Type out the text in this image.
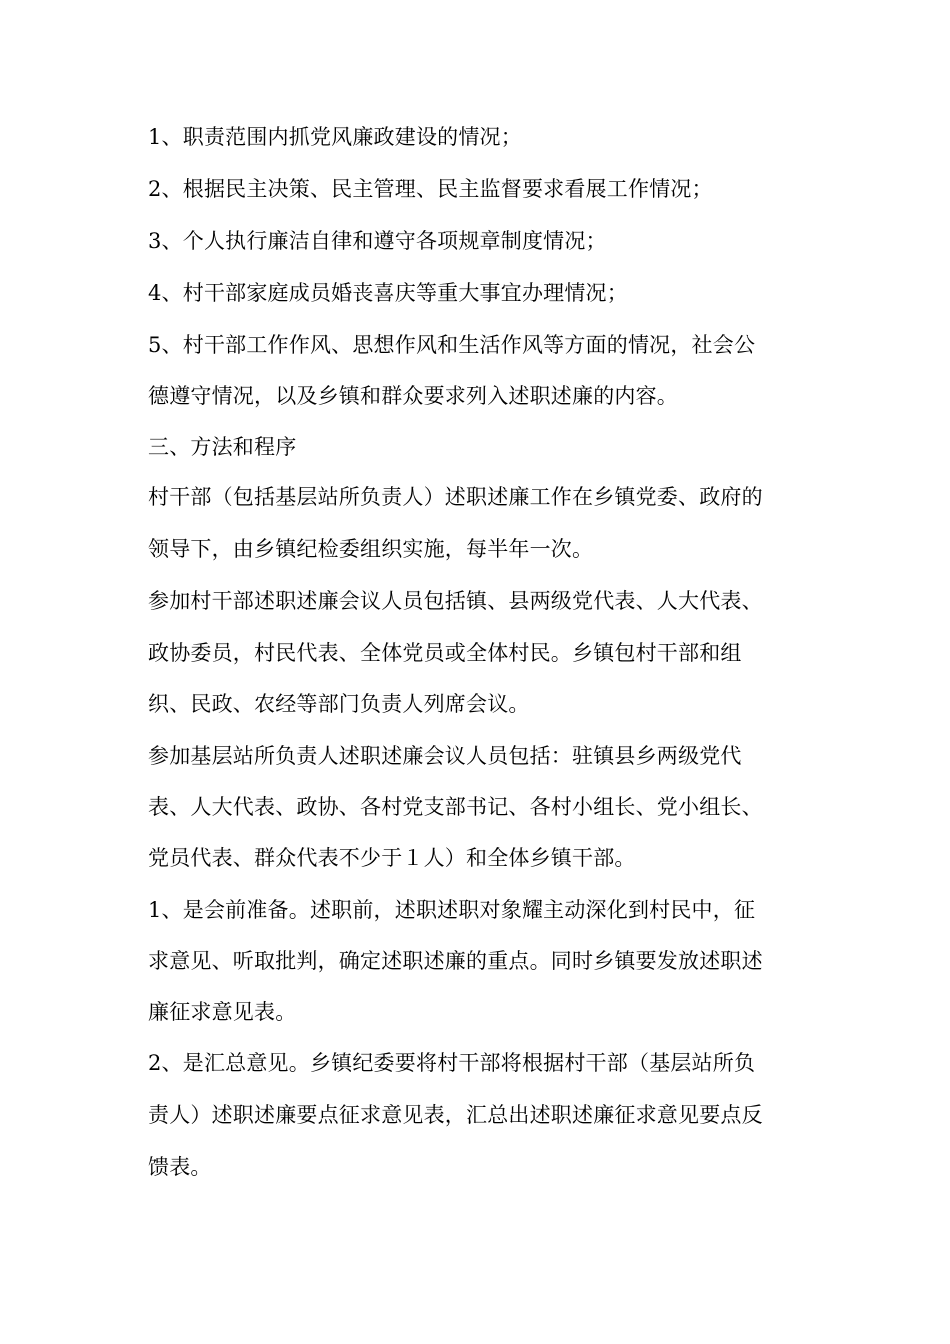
1、职责范围内抓党风廉政建设的情况；
2、根据民主决策、民主管理、民主监督要求看展工作情况；
3、个人执行廉洁自律和遵守各项规章制度情况；
4、村干部家庭成员婚丧喜庆等重大事宜办理情况；
5、村干部工作作风、思想作风和生活作风等方面的情况，社会公
德遵守情况，以及乡镇和群众要求列入述职述廉的内容。
三、方法和程序
村干部（包括基层站所负责人）述职述廉工作在乡镇党委、政府的
领导下，由乡镇纪检委组织实施，每半年一次。
参加村干部述职述廉会议人员包括镇、县两级党代表、人大代表、
政协委员，村民代表、全体党员或全体村民。乡镇包村干部和组
织、民政、农经等部门负责人列席会议。
参加基层站所负责人述职述廉会议人员包括：驻镇县乡两级党代
表、人大代表、政协、各村党支部书记、各村小组长、党小组长、
党员代表、群众代表不少于１人）和全体乡镇干部。
1、是会前准备。述职前，述职述职对象耀主动深化到村民中，征
求意见、听取批判，确定述职述廉的重点。同时乡镇要发放述职述
廉征求意见表。
2、是汇总意见。乡镇纪委要将村干部将根据村干部（基层站所负
责人）述职述廉要点征求意见表，汇总出述职述廉征求意见要点反
馈表。
